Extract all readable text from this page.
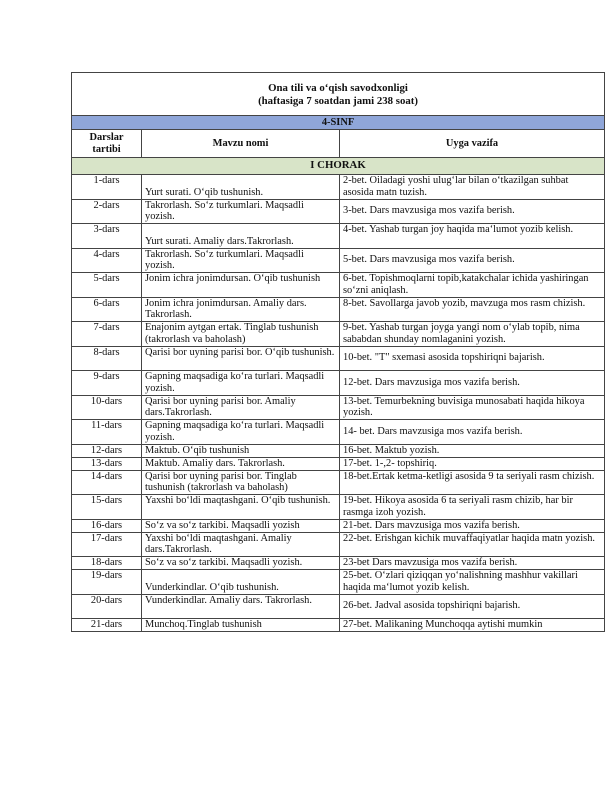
Ona tili va o‘qish savodxonligi
(haftasiga 7 soatdan jami 238 soat)		

4-SINF		
Darslar tartibi	Mavzu nomi	Uyga vazifa
I CHORAK		
1-dars	Yurt surati. O‘qib tushunish.	2-bet. Oiladagi yoshi ulug‘lar bilan o‘tkazilgan suhbat asosida matn tuzish.
2-dars	Takrorlash. So‘z turkumlari. Maqsadli yozish.	3-bet. Dars mavzusiga mos vazifa berish.
3-dars	Yurt surati. Amaliy dars.Takrorlash.	4-bet. Yashab turgan joy haqida ma‘lumot yozib kelish.
4-dars	Takrorlash. So‘z turkumlari. Maqsadli yozish.	5-bet. Dars mavzusiga mos vazifa berish.
5-dars	Jonim ichra jonimdursan. O‘qib tushunish	6-bet. Topishmoqlarni topib,katakchalar ichida yashiringan so‘zni aniqlash.
6-dars	Jonim ichra jonimdursan. Amaliy dars. Takrorlash.	8-bet. Savollarga javob yozib, mavzuga mos rasm chizish.
7-dars	Enajonim aytgan ertak. Tinglab tushunish (takrorlash va baholash)	9-bet. Yashab turgan joyga yangi nom o‘ylab topib, nima sababdan shunday nomlaganini yozish.
8-dars	Qarisi bor uyning parisi bor. O‘qib tushunish.	10-bet. "T" sxemasi asosida topshiriqni bajarish.
9-dars	Gapning maqsadiga ko‘ra turlari. Maqsadli yozish.	12-bet. Dars mavzusiga mos vazifa berish.
10-dars	Qarisi bor uyning parisi bor. Amaliy dars.Takrorlash.	13-bet. Temurbekning buvisiga munosabati haqida hikoya yozish.
11-dars	Gapning maqsadiga ko‘ra turlari. Maqsadli yozish.	14- bet. Dars mavzusiga mos vazifa berish.
12-dars	Maktub. O‘qib tushunish	16-bet. Maktub yozish.
13-dars	Maktub. Amaliy dars. Takrorlash.	17-bet. 1-,2- topshiriq.
14-dars	Qarisi bor uyning parisi bor. Tinglab tushunish (takrorlash va baholash)	18-bet.Ertak ketma-ketligi asosida 9 ta seriyali rasm chizish.
15-dars	Yaxshi bo‘ldi maqtashgani. O‘qib tushunish.	19-bet. Hikoya asosida 6 ta seriyali rasm chizib, har bir rasmga izoh yozish.
16-dars	So‘z va so‘z tarkibi. Maqsadli yozish	21-bet. Dars mavzusiga mos vazifa berish.
17-dars	Yaxshi bo‘ldi maqtashgani. Amaliy dars.Takrorlash.	22-bet. Erishgan kichik muvaffaqiyatlar haqida matn yozish.
18-dars	So‘z va so‘z tarkibi. Maqsadli yozish.	23-bet Dars mavzusiga mos vazifa berish.
19-dars	Vunderkindlar. O‘qib tushunish.	25-bet. O‘zlari qiziqqan yo‘nalishning mashhur vakillari haqida ma‘lumot yozib kelish.
20-dars	Vunderkindlar. Amaliy dars. Takrorlash.	26-bet. Jadval asosida topshiriqni bajarish.
21-dars	Munchoq.Tinglab tushunish	27-bet. Malikaning Munchoqqa aytishi mumkin
